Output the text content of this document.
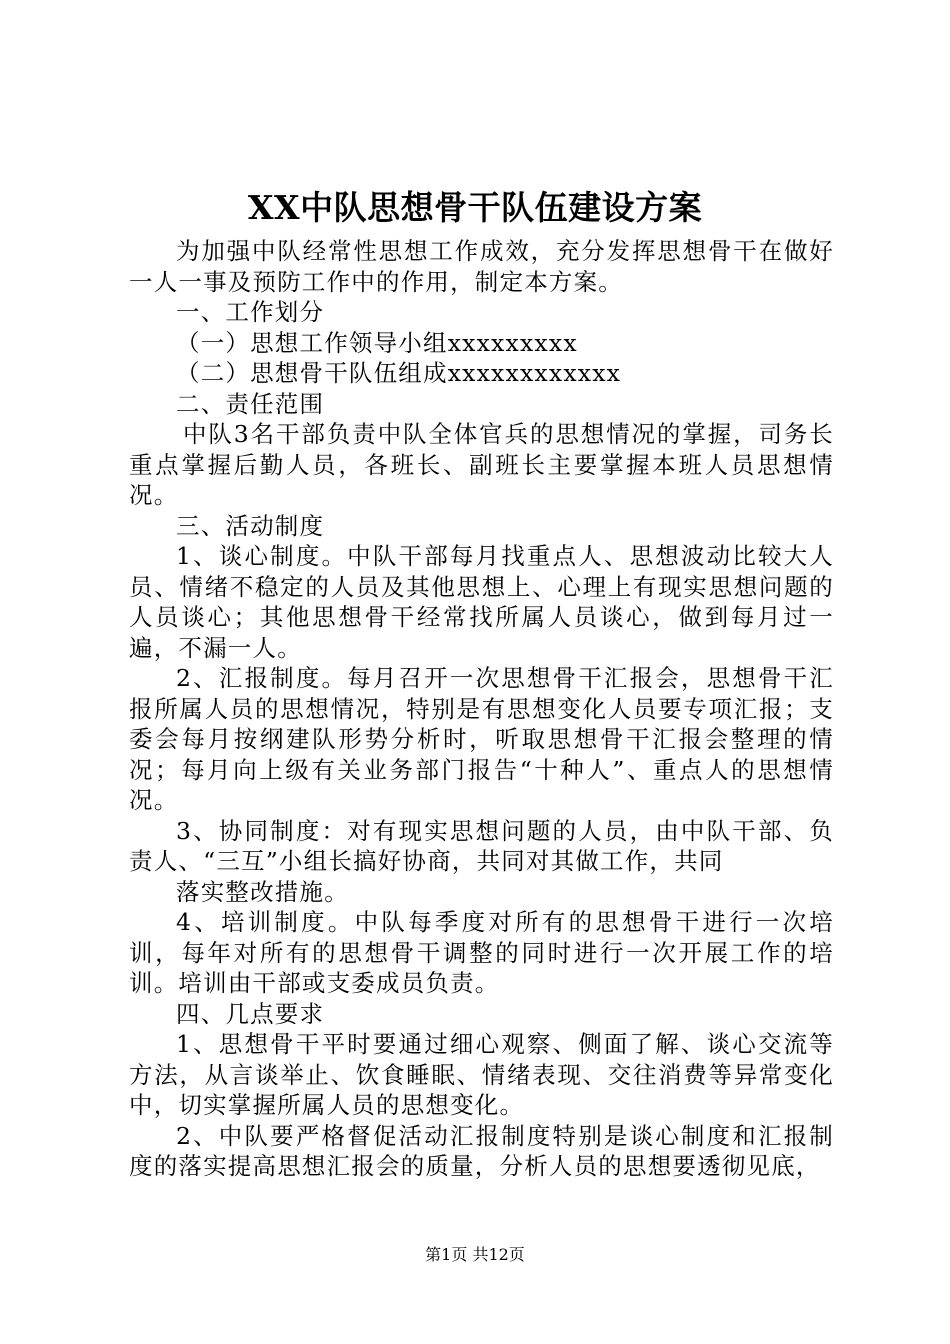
XX中队思想骨干队伍建设方案

为加强中队经常性思想工作成效，充分发挥思想骨干在做好一人一事及预防工作中的作用，制定本方案。

一、工作划分

（一）思想工作领导小组xxxxxxxxx

（二）思想骨干队伍组成xxxxxxxxxxxx

二、责任范围

中队3名干部负责中队全体官兵的思想情况的掌握，司务长重点掌握后勤人员，各班长、副班长主要掌握本班人员思想情况。

三、活动制度

1、谈心制度。中队干部每月找重点人、思想波动比较大人员、情绪不稳定的人员及其他思想上、心理上有现实思想问题的人员谈心；其他思想骨干经常找所属人员谈心，做到每月过一遍，不漏一人。

2、汇报制度。每月召开一次思想骨干汇报会，思想骨干汇报所属人员的思想情况，特别是有思想变化人员要专项汇报；支委会每月按纲建队形势分析时，听取思想骨干汇报会整理的情况；每月向上级有关业务部门报告“十种人”、重点人的思想情况。

3、协同制度：对有现实思想问题的人员，由中队干部、负责人、“三互”小组长搞好协商，共同对其做工作，共同

落实整改措施。

4、培训制度。中队每季度对所有的思想骨干进行一次培训，每年对所有的思想骨干调整的同时进行一次开展工作的培训。培训由干部或支委成员负责。

四、几点要求

1、思想骨干平时要通过细心观察、侧面了解、谈心交流等方法，从言谈举止、饮食睡眠、情绪表现、交往消费等异常变化中，切实掌握所属人员的思想变化。

2、中队要严格督促活动汇报制度特别是谈心制度和汇报制度的落实提高思想汇报会的质量，分析人员的思想要透彻见底，

第1页 共12页
